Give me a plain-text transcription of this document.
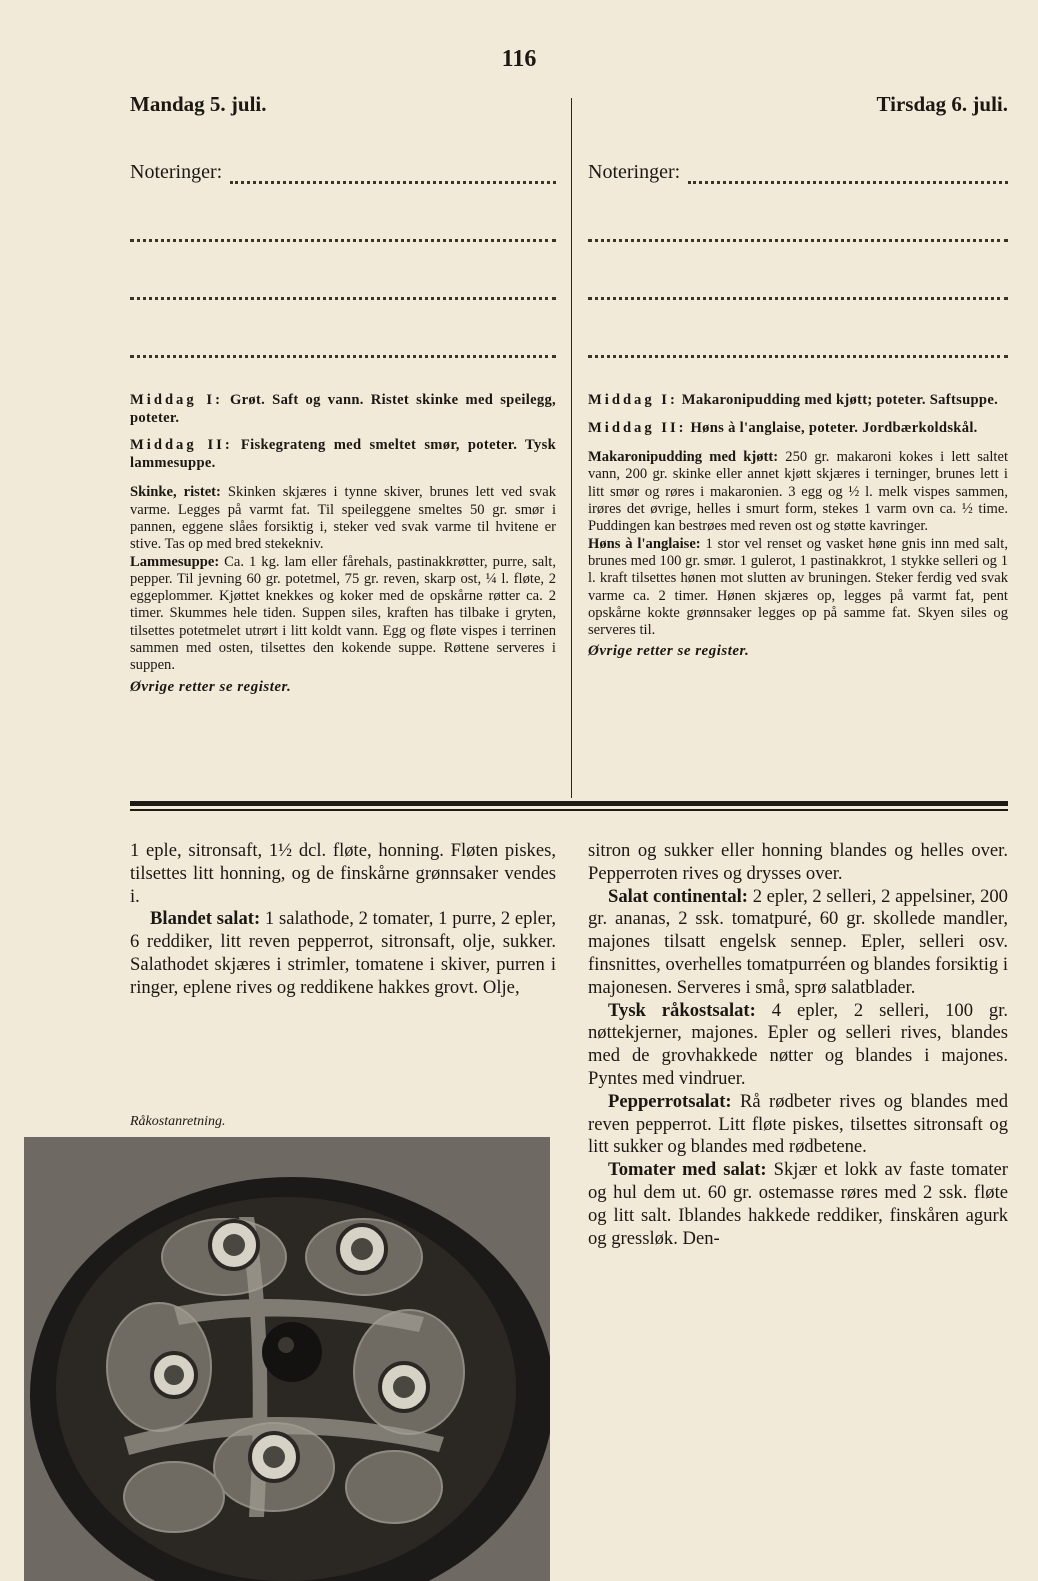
116
Mandag 5. juli.	Tirsdag 6. juli.
Noteringer:
Middag I: Grøt. Saft og vann. Ristet skinke med speilegg, poteter.
Middag II: Fiskegrateng med smeltet smør, poteter. Tysk lammesuppe.
Skinke, ristet: Skinken skjæres i tynne skiver, brunes lett ved svak varme. Legges på varmt fat. Til speileggene smeltes 50 gr. smør i pannen, eggene slåes forsiktig i, steker ved svak varme til hvitene er stive. Tas op med bred stekekniv.
Lammesuppe: Ca. 1 kg. lam eller fårehals, pastinakkrøtter, purre, salt, pepper. Til jevning 60 gr. potetmel, 75 gr. reven, skarp ost, ¼ l. fløte, 2 eggeplommer. Kjøttet knekkes og koker med de opskårne røtter ca. 2 timer. Skummes hele tiden. Suppen siles, kraften has tilbake i gryten, tilsettes potetmelet utrørt i litt koldt vann. Egg og fløte vispes i terrinen sammen med osten, tilsettes den kokende suppe. Røttene serveres i suppen.
Øvrige retter se register.
Noteringer:
Middag I: Makaronipudding med kjøtt; poteter. Saftsuppe.
Middag II: Høns à l'anglaise, poteter. Jordbærkoldskål.
Makaronipudding med kjøtt: 250 gr. makaroni kokes i lett saltet vann, 200 gr. skinke eller annet kjøtt skjæres i terninger, brunes lett i litt smør og røres i makaronien. 3 egg og ½ l. melk vispes sammen, irøres det øvrige, helles i smurt form, stekes 1 varm ovn ca. ½ time. Puddingen kan bestrøes med reven ost og støtte kavringer.
Høns à l'anglaise: 1 stor vel renset og vasket høne gnis inn med salt, brunes med 100 gr. smør. 1 gulerot, 1 pastinakkrot, 1 stykke selleri og 1 l. kraft tilsettes hønen mot slutten av bruningen. Steker ferdig ved svak varme ca. 2 timer. Hønen skjæres op, legges på varmt fat, pent opskårne kokte grønnsaker legges op på samme fat. Skyen siles og serveres til.
Øvrige retter se register.
1 eple, sitronsaft, 1½ dcl. fløte, honning. Fløten piskes, tilsettes litt honning, og de finskårne grønnsaker vendes i.
Blandet salat: 1 salathode, 2 tomater, 1 purre, 2 epler, 6 reddiker, litt reven pepperrot, sitronsaft, olje, sukker. Salathodet skjæres i strimler, tomatene i skiver, purren i ringer, eplene rives og reddikene hakkes grovt. Olje,
Råkostanretning.
sitron og sukker eller honning blandes og helles over. Pepperroten rives og drysses over.
Salat continental: 2 epler, 2 selleri, 2 appelsiner, 200 gr. ananas, 2 ssk. tomatpuré, 60 gr. skollede mandler, majones tilsatt engelsk sennep. Epler, selleri osv. finsnittes, overhelles tomatpurréen og blandes forsiktig i majonesen. Serveres i små, sprø salatblader.
Tysk råkostsalat: 4 epler, 2 selleri, 100 gr. nøttekjerner, majones. Epler og selleri rives, blandes med de grovhakkede nøtter og blandes i majones. Pyntes med vindruer.
Pepperrotsalat: Rå rødbeter rives og blandes med reven pepperrot. Litt fløte piskes, tilsettes sitronsaft og litt sukker og blandes med rødbetene.
Tomater med salat: Skjær et lokk av faste tomater og hul dem ut. 60 gr. ostemasse røres med 2 ssk. fløte og litt salt. Iblandes hakkede reddiker, finskåren agurk og gressløk. Den-
